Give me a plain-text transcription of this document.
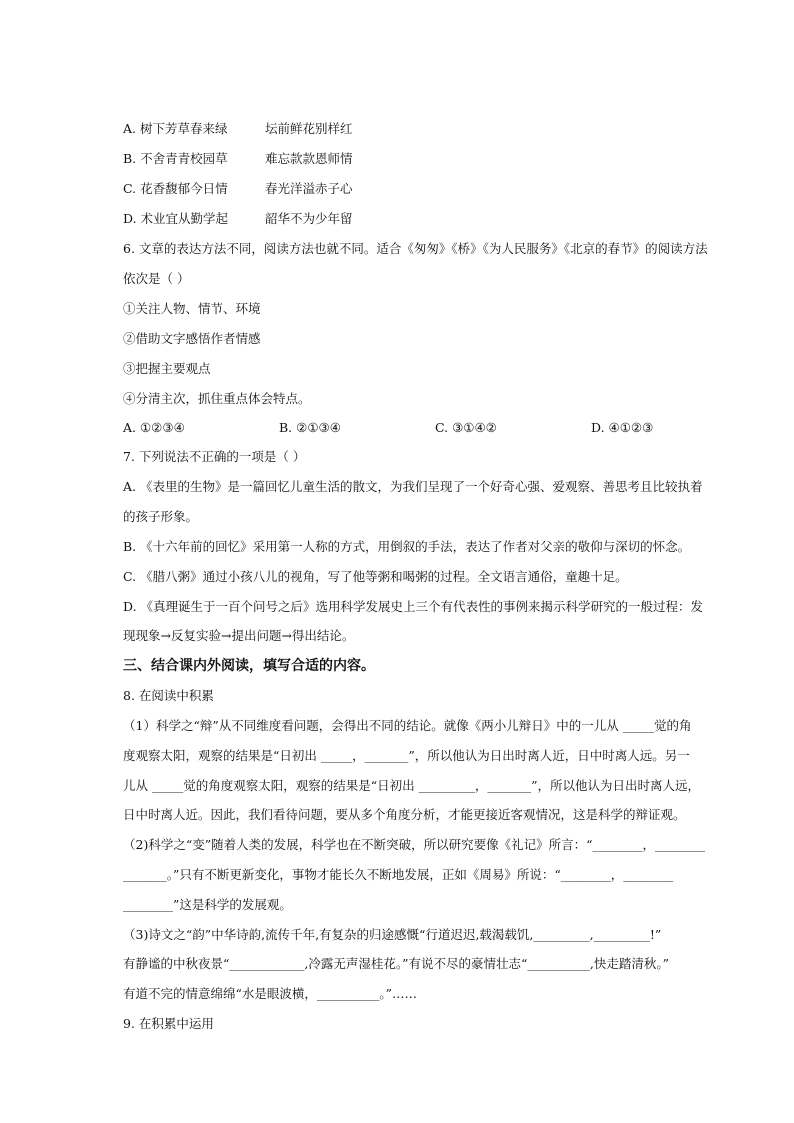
A. 树下芳草春来绿	坛前鲜花别样红
B. 不舍青青校园草	难忘款款恩师情
C. 花香馥郁今日情	春光洋溢赤子心
D. 术业宜从勤学起	韶华不为少年留
6. 文章的表达方法不同，阅读方法也就不同。适合《匆匆》《桥》《为人民服务》《北京的春节》的阅读方法
依次是（ ）
①关注人物、情节、环境
②借助文字感悟作者情感
③把握主要观点
④分清主次，抓住重点体会特点。
A. ①②③④	B. ②①③④	C. ③①④②	D. ④①②③
7. 下列说法不正确的一项是（ ）
A. 《表里的生物》是一篇回忆儿童生活的散文，为我们呈现了一个好奇心强、爱观察、善思考且比较执着
的孩子形象。
B. 《十六年前的回忆》采用第一人称的方式，用倒叙的手法，表达了作者对父亲的敬仰与深切的怀念。
C. 《腊八粥》通过小孩八儿的视角，写了他等粥和喝粥的过程。全文语言通俗，童趣十足。
D. 《真理诞生于一百个问号之后》选用科学发展史上三个有代表性的事例来揭示科学研究的一般过程：发
现现象→反复实验→提出问题→得出结论。
三、结合课内外阅读，填写合适的内容。
8. 在阅读中积累
（1）科学之“辩”从不同维度看问题，会得出不同的结论。就像《两小儿辩日》中的一儿从 _____觉的角
度观察太阳，观察的结果是“日初出 _____，_______”，所以他认为日出时离人近，日中时离人远。另一
儿从 _____觉的角度观察太阳，观察的结果是“日初出 _________，_______”，所以他认为日出时离人远，
日中时离人近。因此，我们看待问题，要从多个角度分析，才能更接近客观情况，这是科学的辩证观。
（2)科学之“变”随着人类的发展，科学也在不断突破，所以研究要像《礼记》所言：“________，________
_______。”只有不断更新变化，事物才能长久不断地发展，正如《周易》所说：“________，________
________”这是科学的发展观。
（3)诗文之“韵”中华诗韵,流传千年,有复杂的归途感慨“行道迟迟,载渴载饥,_________,_________!”
有静谧的中秋夜景“____________,冷露无声湿桂花。”有说不尽的豪情壮志“__________,快走踏清秋。”
有道不完的情意绵绵“水是眼波横，__________。”……
9. 在积累中运用
